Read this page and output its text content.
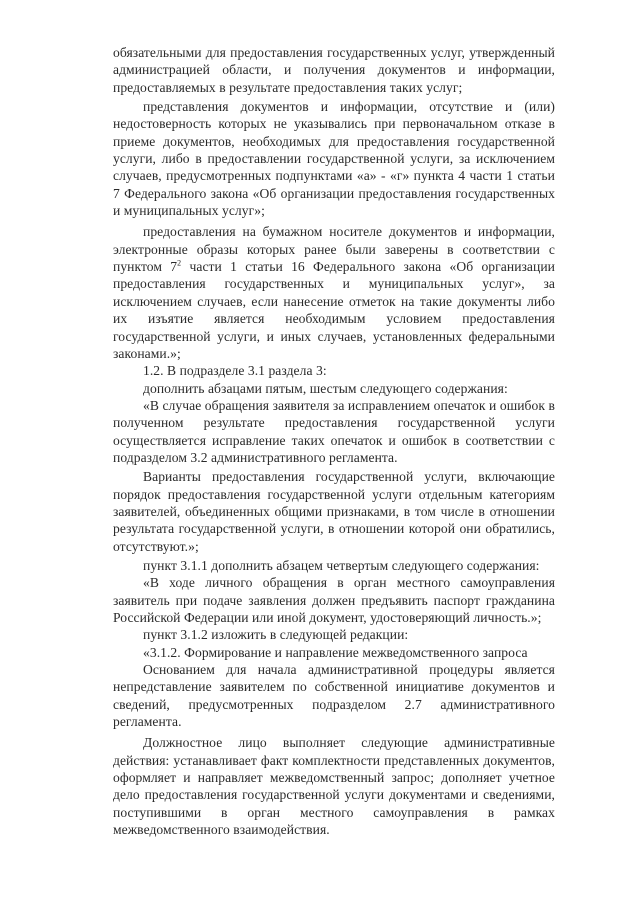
обязательными для предоставления государственных услуг, утвержденный администрацией области, и получения документов и информации, предоставляемых в результате предоставления таких услуг;

представления документов и информации, отсутствие и (или) недостоверность которых не указывались при первоначальном отказе в приеме документов, необходимых для предоставления государственной услуги, либо в предоставлении государственной услуги, за исключением случаев, предусмотренных подпунктами «а» - «г» пункта 4 части 1 статьи 7 Федерального закона «Об организации предоставления государственных и муниципальных услуг»;

предоставления на бумажном носителе документов и информации, электронные образы которых ранее были заверены в соответствии с пунктом $7^2$ части 1 статьи 16 Федерального закона «Об организации предоставления государственных и муниципальных услуг», за исключением случаев, если нанесение отметок на такие документы либо их изъятие является необходимым условием предоставления государственной услуги, и иных случаев, установленных федеральными законами.»;

1.2. В подразделе 3.1 раздела 3:

дополнить абзацами пятым, шестым следующего содержания:

«В случае обращения заявителя за исправлением опечаток и ошибок в полученном результате предоставления государственной услуги осуществляется исправление таких опечаток и ошибок в соответствии с подразделом 3.2 административного регламента.

Варианты предоставления государственной услуги, включающие порядок предоставления государственной услуги отдельным категориям заявителей, объединенных общими признаками, в том числе в отношении результата государственной услуги, в отношении которой они обратились, отсутствуют.»;

пункт 3.1.1 дополнить абзацем четвертым следующего содержания:

«В ходе личного обращения в орган местного самоуправления заявитель при подаче заявления должен предъявить паспорт гражданина Российской Федерации или иной документ, удостоверяющий личность.»;

пункт 3.1.2 изложить в следующей редакции:

«3.1.2. Формирование и направление межведомственного запроса

Основанием для начала административной процедуры является непредставление заявителем по собственной инициативе документов и сведений, предусмотренных подразделом 2.7 административного регламента.

Должностное лицо выполняет следующие административные действия: устанавливает факт комплектности представленных документов, оформляет и направляет межведомственный запрос; дополняет учетное дело предоставления государственной услуги документами и сведениями, поступившими в орган местного самоуправления в рамках межведомственного взаимодействия.
